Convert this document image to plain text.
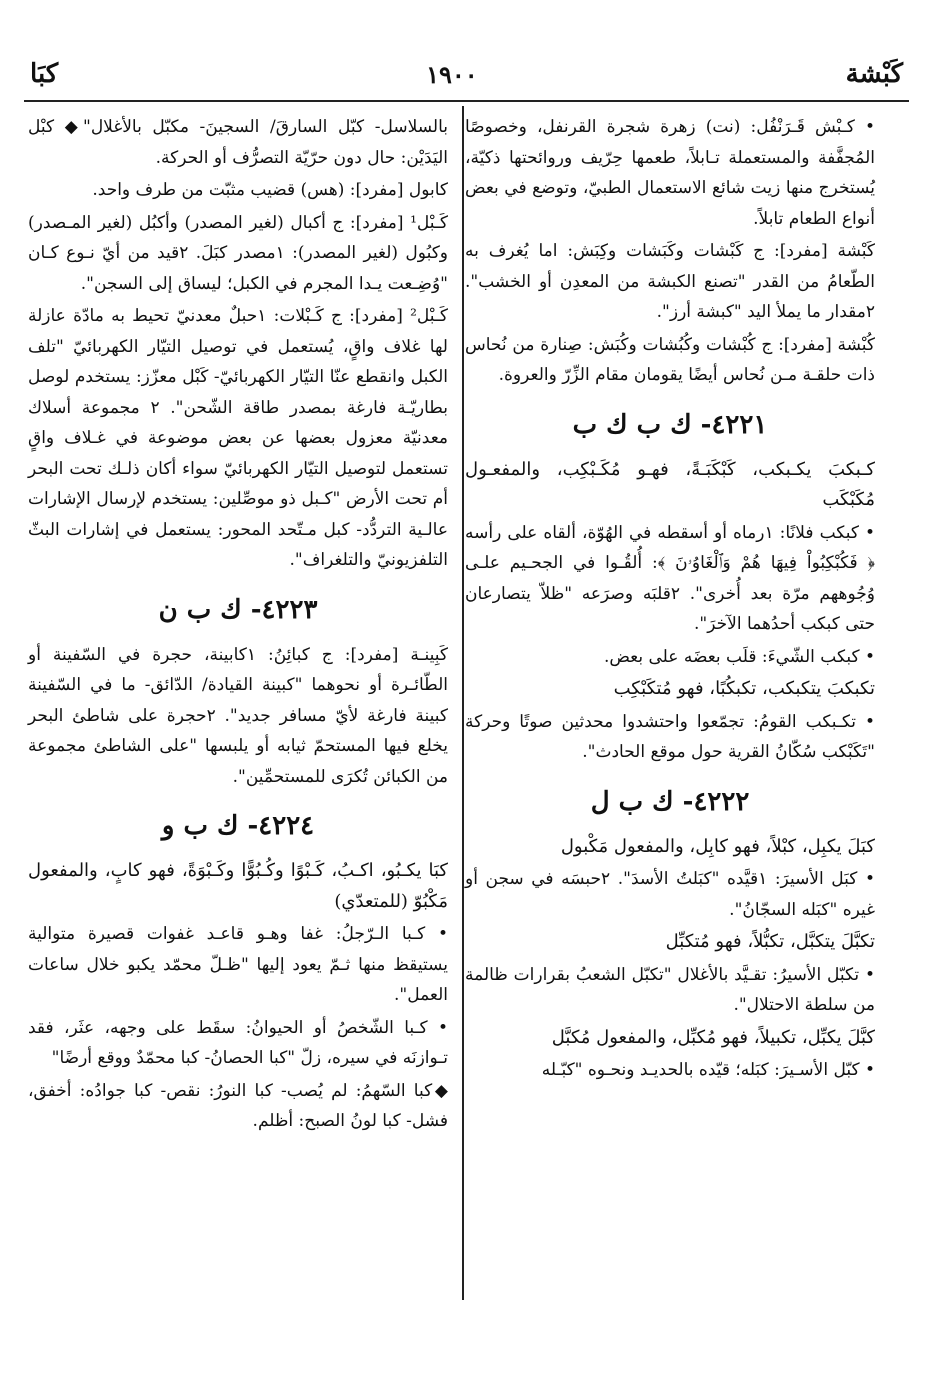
كَبْشة
١٩٠٠
كبَا
• كـبْش قَـرَنْفُل: (نت) زهرة شجرة القرنفل، وخصوصًا المُجفَّفة والمستعملة تـابلاً، طعمها حِرّيف وروائحتها ذكيّة، يُستخرج منها زيت شائع الاستعمال الطبيّ، وتوضع في بعض أنواع الطعام تابلاً.
كَبْشة [مفرد]: ج كَبْشات وكَبَشات وكِبَش: اما يُغرف به الطّعامُ من القدر "تصنع الكبشة من المعدِن أو الخشب". ٢مقدار ما يملأ اليد "كبشة أرز".
كُبْشة [مفرد]: ج كُبْشات وكُبُشات وكُبَش: صِنارة من نُحاس ذات حلقـة مـن نُحاس أيضًا يقومان مقام الزِّرّ والعروة.
٤٢٢١- ك ب ك ب
كـبكبَ يكـبكب، كَبْكَبَـةً، فهـو مُكَـبْكِب، والمفعـول مُكَبْكَب
• كبكب فلانًا: ١رماه أو أسقطه في الهُوّة، ألقاه على رأسه ﴿ فَكُبْكِبُواْ فِيهَا هُمْ وَٱلْغَاوُۥنَ ﴾: أُلقُـوا في الجحـيم علـى وُجُوههم مرّة بعد أُخرى". ٢قلبَه وصرَعه "ظلاّ يتصارعان حتى كبكب أحدُهما الآخرَ".
• كبكب الشّيءَ: قلَب بعضَه على بعض.
تكبكبَ يتكبكب، تكبكُبًا، فهو مُتكَبْكِب
• تكـبكب القومُ: تجمّعوا واحتشدوا محدثين صوتًا وحركة "تَكَبْكب سُكّانُ القرية حول موقع الحادث".
٤٢٢٢- ك ب ل
كبَلَ يكبِل، كبْلاً، فهو كابِل، والمفعول مَكْبول
• كبَل الأسيرَ: ١قيَّده "كبَلتُ الأسدَ". ٢حبسَه في سجن أو غيره "كبَله السجّانُ".
تكبَّلَ يتكبَّل، تكبُّلاً، فهو مُتكبِّل
• تكبّل الأسيرُ: تقـيَّد بالأغلال "تكبّل الشعبُ بقرارات ظالمة من سلطة الاحتلال".
كبَّلَ يكبِّل، تكبيلاً، فهو مُكبِّل، والمفعول مُكبَّل
• كبّل الأسـيرَ: كبَله؛ قيّده بالحديـد ونحـوه "كبّـله
بالسلاسل- كبّل السارقَ/ السجينَ- مكبّل بالأغلال"◆ كبْل اليَدَيْن: حال دون حرّيّة التصرُّف أو الحركة.
كابول [مفرد]: (هس) قضيب مثبّت من طرف واحد.
كَـبْل¹ [مفرد]: ج أكبال (لغير المصدر) وأكبُل (لغير المـصدر) وكبُول (لغير المصدر): ١مصدر كبَلَ. ٢قيد من أيّ نـوع كـان "وُضِـعت يـدا المجرم في الكبل؛ ليساق إلى السجن".
كَـبْل² [مفرد]: ج كَـبْلات: ١حبلٌ معدنيّ تحيط به مادّة عازلة لها غلاف واقٍ، يُستعمل في توصيل التيّار الكهربائيّ "تلف الكبل وانقطع عنّا التيّار الكهربائيّ- كَبْل معزّز: يستخدم لوصل بطاريّـة فارغة بمصدر طاقة الشّحن". ٢ مجموعة أسلاك معدنيّة معزول بعضها عن بعض موضوعة في غـلاف واقٍ تستعمل لتوصيل التيّار الكهربائيّ سواء أكان ذلـك تحت البحر أم تحت الأرض "كـبل ذو موصِّلين: يستخدم لإرسال الإشارات عالـية التردُّد- كبل مـتّحد المحور: يستعمل في إشارات البثّ التلفزيونيّ والتلغراف".
٤٢٢٣- ك ب ن
كَبِينـة [مفرد]: ج كبائِنُ: ١كابينة، حجرة في السّفينة أو الطّائـرة أو نحوهما "كبينة القيادة/ الدّائق- ما في السّفينة كبينة فارغة لأيّ مسافر جديد". ٢حجرة على شاطئ البحر يخلع فيها المستحمّ ثيابه أو يلبسها "على الشاطئ مجموعة من الكبائن تُكرَى للمستحمِّين".
٤٢٢٤- ك ب و
كبَا يكـبُو، اكـبُ، كَـبْوًا وكُـبُوًّا وكَـبْوَةً، فهو كابٍ، والمفعول مَكْبُوّ (للمتعدّي)
• كـبا الـرّجلُ: غفا وهـو قاعـد غفوات قصيرة متوالية يستيقظ منها ثـمّ يعود إليها "ظـلّ محمّد يكبو خلال ساعات العمل".
• كـبا الشّخصُ أو الحيوانُ: سقَط على وجهه، عثَر، فقد تـوازنَه في سيره، زلّ "كبا الحصانُ- كبا محمّدٌ ووقع أرضًا"
◆كبا السّهمُ: لم يُصب- كبا النورُ: نقص- كبا جوادُه: أخفق، فشل- كبا لونُ الصبح: أظلم.
